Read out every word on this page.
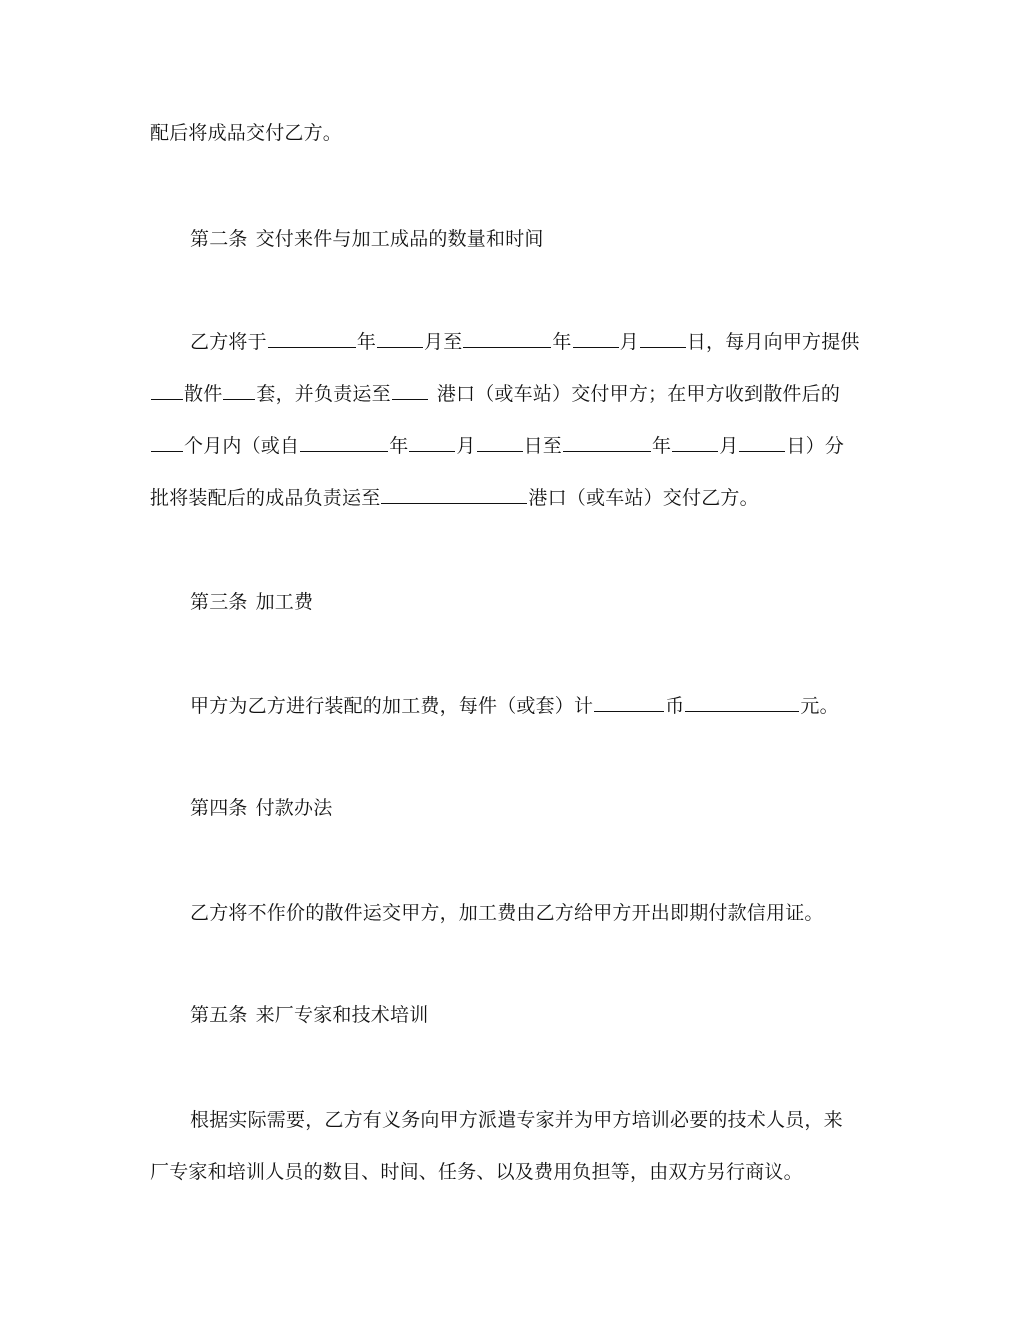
配后将成品交付乙方。
第二条 交付来件与加工成品的数量和时间
乙方将于	年	月至	年	月	日，每月向甲方提供
散件 套，并负责运至 港口（或车站）交付甲方；在甲方收到散件后的
个月内（或自	年	月	日至	年	月	日）分
批将装配后的成品负责运至	港口（或车站）交付乙方。
第三条 加工费
甲方为乙方进行装配的加工费，每件（或套）计	币	元。
第四条 付款办法
乙方将不作价的散件运交甲方，加工费由乙方给甲方开出即期付款信用证。
第五条 来厂专家和技术培训
根据实际需要，乙方有义务向甲方派遣专家并为甲方培训必要的技术人员，来
厂专家和培训人员的数目、时间、任务、以及费用负担等，由双方另行商议。
